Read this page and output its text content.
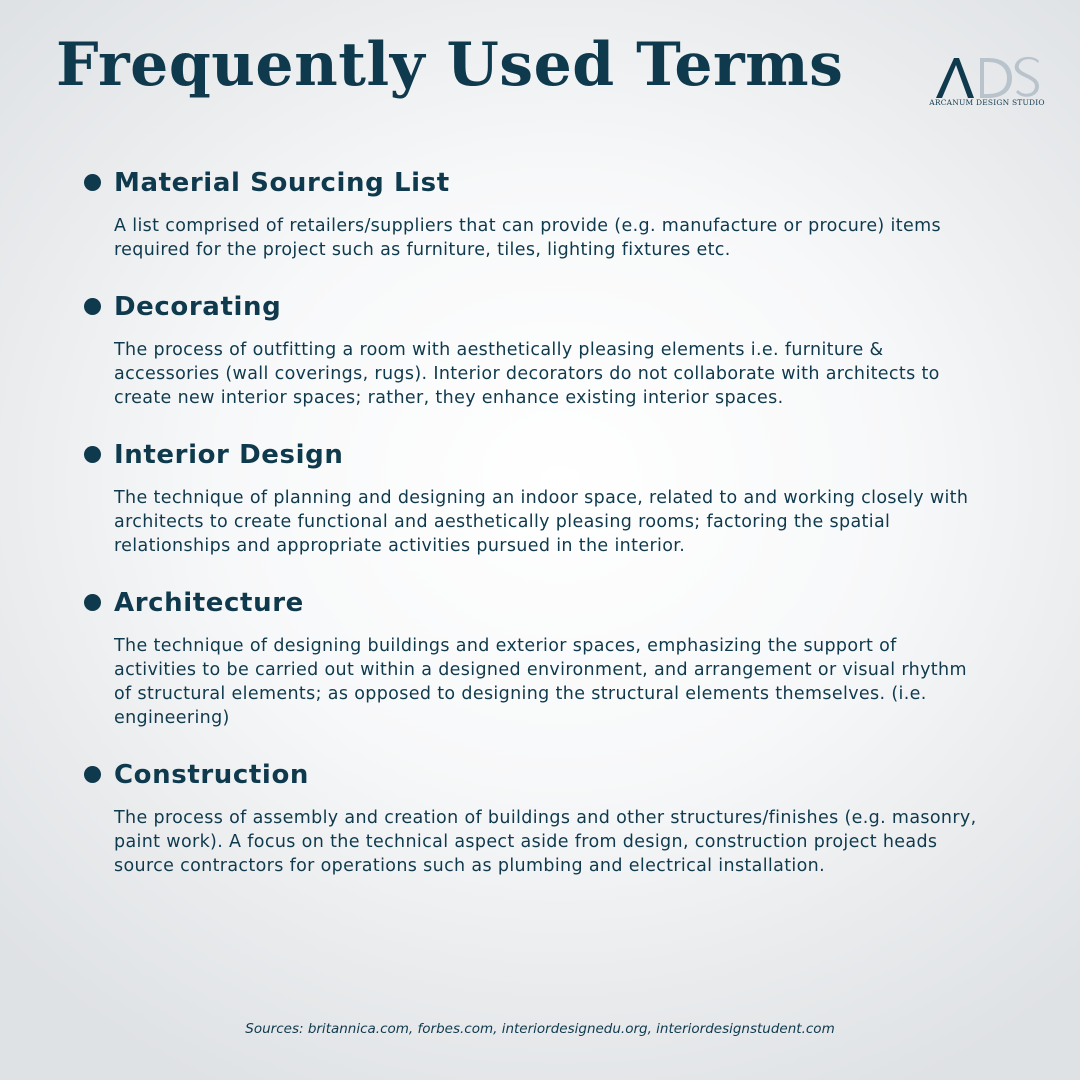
Frequently Used Terms
ARCANUM DESIGN STUDIO
Material Sourcing List

A list comprised of retailers/suppliers that can provide (e.g. manufacture or procure) items required for the project such as furniture, tiles, lighting fixtures etc.

Decorating

The process of outfitting a room with aesthetically pleasing elements i.e. furniture & accessories (wall coverings, rugs). Interior decorators do not collaborate with architects to create new interior spaces; rather, they enhance existing interior spaces.

Interior Design

The technique of planning and designing an indoor space, related to and working closely with architects to create functional and aesthetically pleasing rooms; factoring the spatial relationships and appropriate activities pursued in the interior.

Architecture

The technique of designing buildings and exterior spaces, emphasizing the support of activities to be carried out within a designed environment, and arrangement or visual rhythm of structural elements; as opposed to designing the structural elements themselves. (i.e. engineering)

Construction

The process of assembly and creation of buildings and other structures/finishes (e.g. masonry, paint work). A focus on the technical aspect aside from design, construction project heads source contractors for operations such as plumbing and electrical installation.

Sources: britannica.com, forbes.com, interiordesignedu.org, interiordesignstudent.com
